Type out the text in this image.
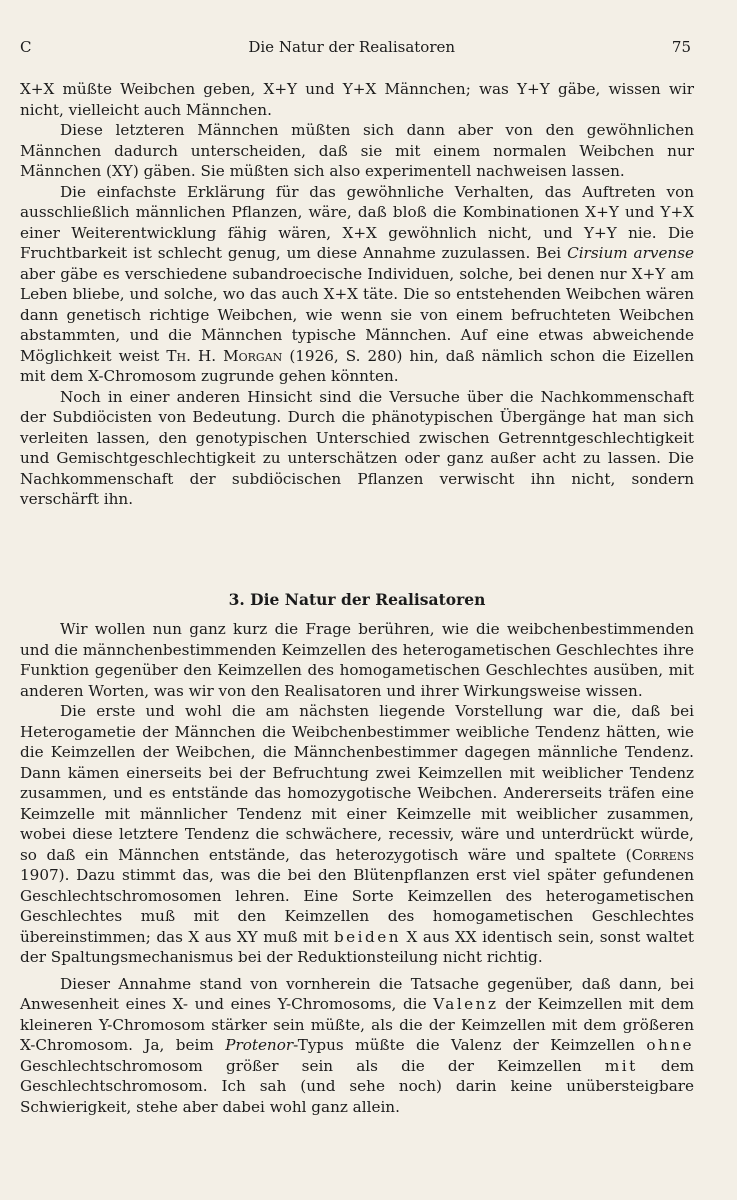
C	Die Natur der Realisatoren	75

X+X müßte Weibchen geben, X+Y und Y+X Männchen; was Y+Y gäbe, wissen wir nicht, vielleicht auch Männchen.

Diese letzteren Männchen müßten sich dann aber von den gewöhnlichen Männchen dadurch unterscheiden, daß sie mit einem normalen Weibchen nur Männchen (XY) gäben. Sie müßten sich also experimentell nachweisen lassen.

Die einfachste Erklärung für das gewöhnliche Verhalten, das Auftreten von ausschließlich männlichen Pflanzen, wäre, daß bloß die Kombinationen X+Y und Y+X einer Weiterentwicklung fähig wären, X+X gewöhnlich nicht, und Y+Y nie. Die Fruchtbarkeit ist schlecht genug, um diese Annahme zuzulassen. Bei Cirsium arvense aber gäbe es verschiedene subandroecische Individuen, solche, bei denen nur X+Y am Leben bliebe, und solche, wo das auch X+X täte. Die so entstehenden Weibchen wären dann genetisch richtige Weibchen, wie wenn sie von einem befruchteten Weibchen abstammten, und die Männchen typische Männchen. Auf eine etwas abweichende Möglichkeit weist Th. H. Morgan (1926, S. 280) hin, daß nämlich schon die Eizellen mit dem X-Chromosom zugrunde gehen könnten.

Noch in einer anderen Hinsicht sind die Versuche über die Nachkommenschaft der Subdiöcisten von Bedeutung. Durch die phänotypischen Übergänge hat man sich verleiten lassen, den genotypischen Unterschied zwischen Getrenntgeschlechtigkeit und Gemischtgeschlechtigkeit zu unterschätzen oder ganz außer acht zu lassen. Die Nachkommenschaft der subdiöcischen Pflanzen verwischt ihn nicht, sondern verschärft ihn.

3. Die Natur der Realisatoren

Wir wollen nun ganz kurz die Frage berühren, wie die weibchenbestimmenden und die männchenbestimmenden Keimzellen des heterogametischen Geschlechtes ihre Funktion gegenüber den Keimzellen des homogametischen Geschlechtes ausüben, mit anderen Worten, was wir von den Realisatoren und ihrer Wirkungsweise wissen.

Die erste und wohl die am nächsten liegende Vorstellung war die, daß bei Heterogametie der Männchen die Weibchenbestimmer weibliche Tendenz hätten, wie die Keimzellen der Weibchen, die Männchenbestimmer dagegen männliche Tendenz. Dann kämen einerseits bei der Befruchtung zwei Keimzellen mit weiblicher Tendenz zusammen, und es entstände das homozygotische Weibchen. Andererseits träfen eine Keimzelle mit männlicher Tendenz mit einer Keimzelle mit weiblicher zusammen, wobei diese letztere Tendenz die schwächere, recessiv, wäre und unterdrückt würde, so daß ein Männchen entstände, das heterozygotisch wäre und spaltete (Correns 1907). Dazu stimmt das, was die bei den Blütenpflanzen erst viel später gefundenen Geschlechtschromosomen lehren. Eine Sorte Keimzellen des heterogametischen Geschlechtes muß mit den Keimzellen des homogametischen Geschlechtes übereinstimmen; das X aus XY muß mit beiden X aus XX identisch sein, sonst waltet der Spaltungsmechanismus bei der Reduktionsteilung nicht richtig.

Dieser Annahme stand von vornherein die Tatsache gegenüber, daß dann, bei Anwesenheit eines X- und eines Y-Chromosoms, die Valenz der Keimzellen mit dem kleineren Y-Chromosom stärker sein müßte, als die der Keimzellen mit dem größeren X-Chromosom. Ja, beim Protenor-Typus müßte die Valenz der Keimzellen ohne Geschlechtschromosom größer sein als die der Keimzellen mit dem Geschlechtschromosom. Ich sah (und sehe noch) darin keine unübersteigbare Schwierigkeit, stehe aber dabei wohl ganz allein.
